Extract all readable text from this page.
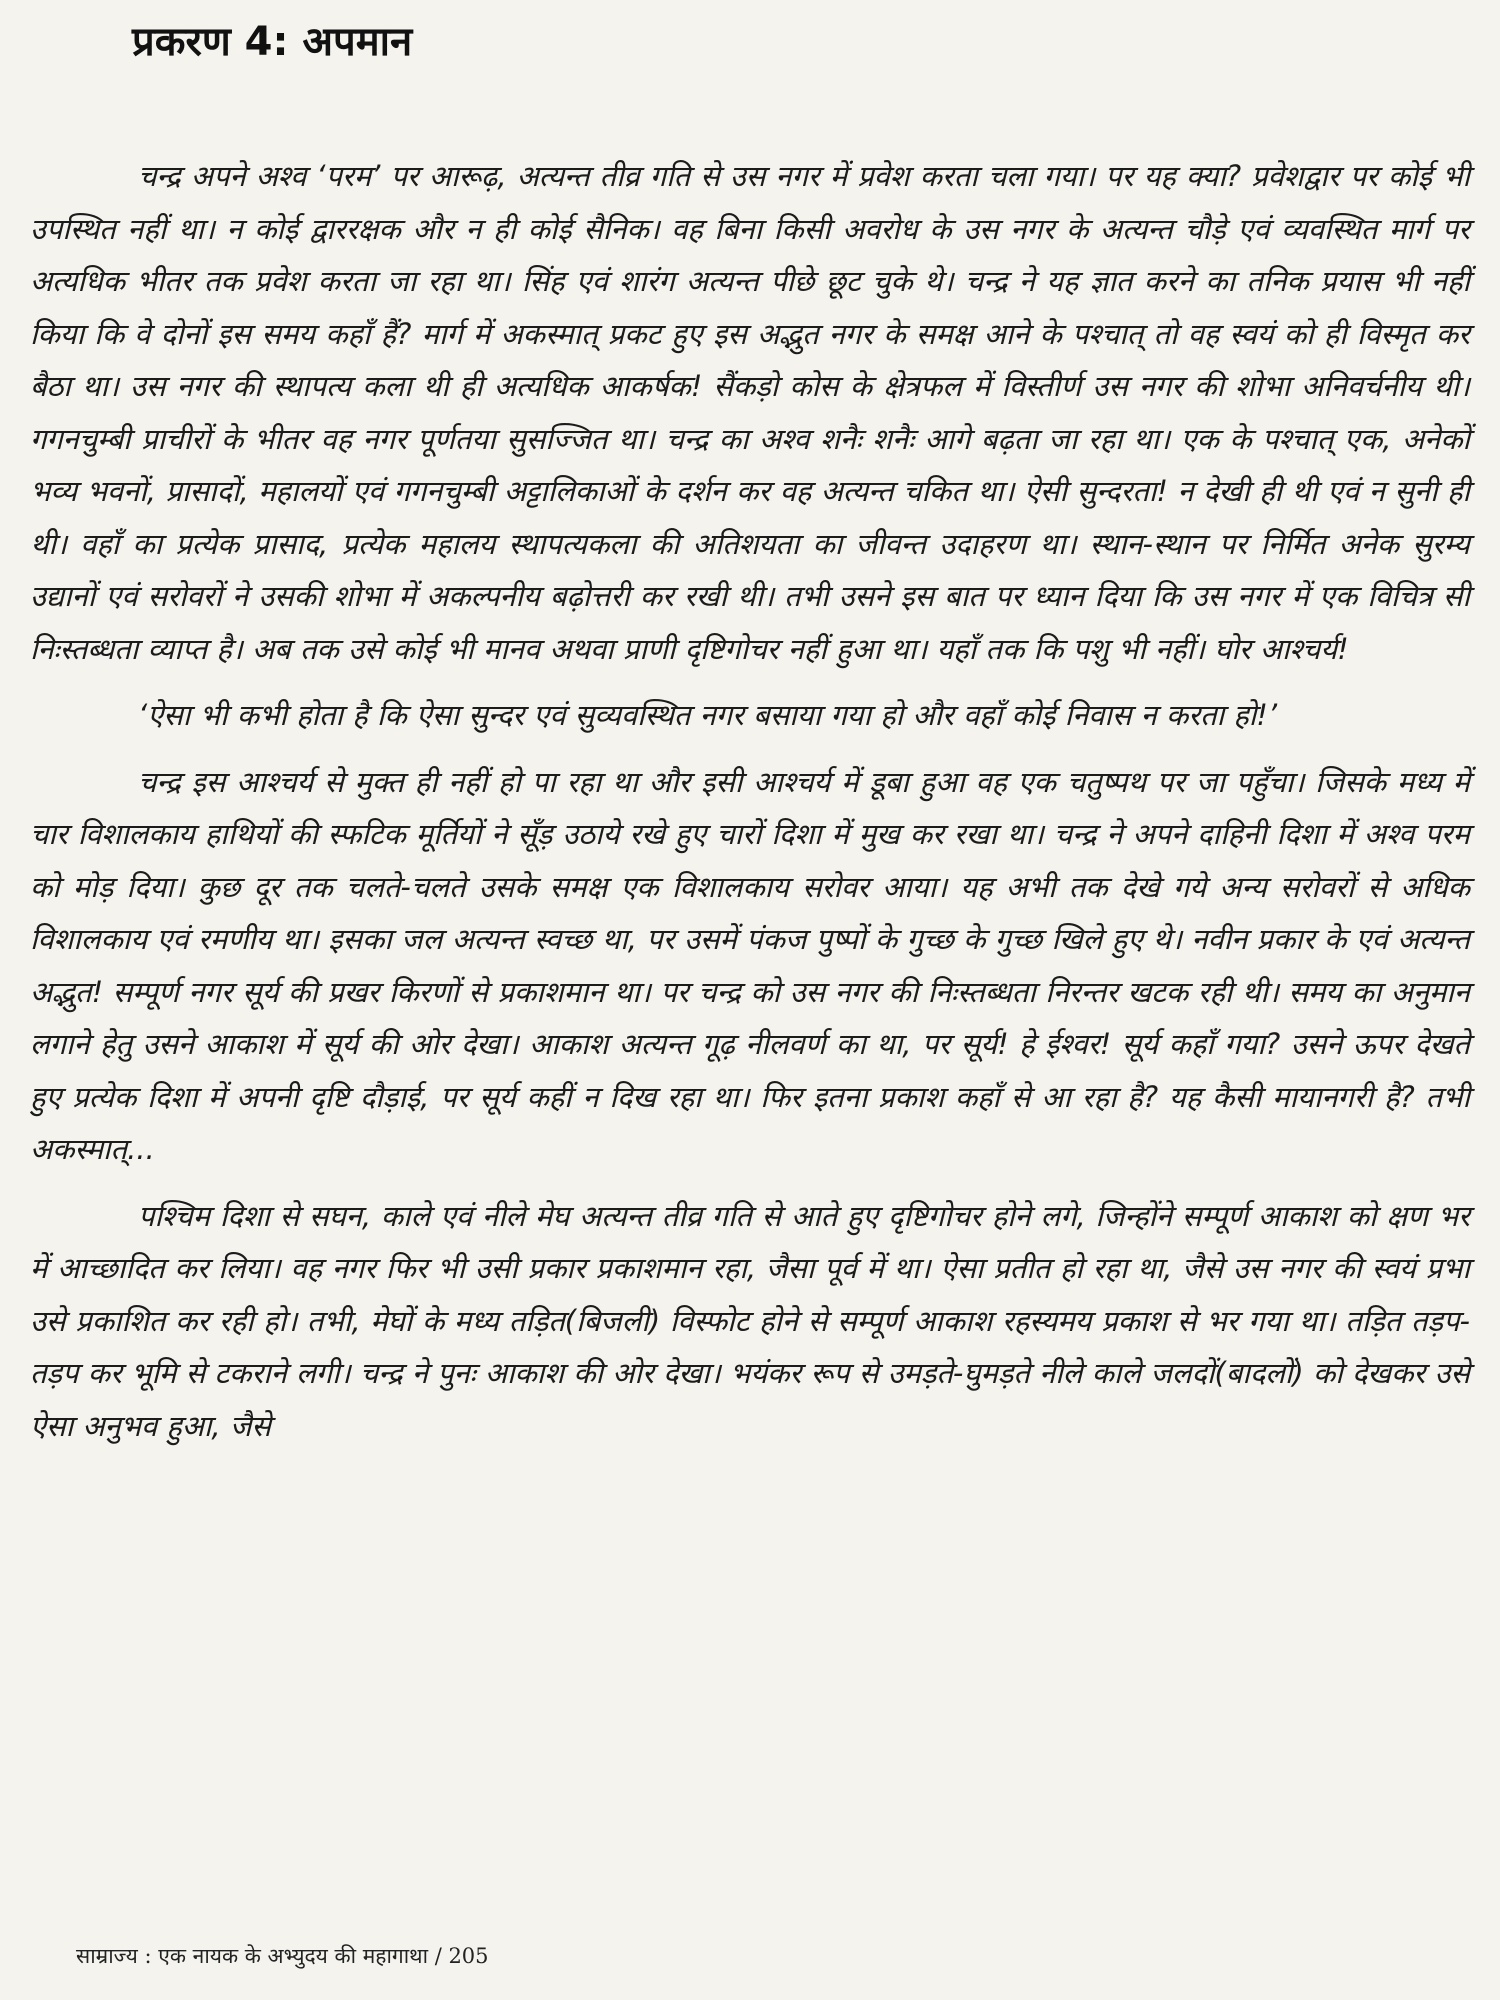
प्रकरण 4: अपमान

चन्द्र अपने अश्व ‘परम’ पर आरूढ़, अत्यन्त तीव्र गति से उस नगर में प्रवेश करता चला गया। पर यह क्या? प्रवेशद्वार पर कोई भी उपस्थित नहीं था। न कोई द्वाररक्षक और न ही कोई सैनिक। वह बिना किसी अवरोध के उस नगर के अत्यन्त चौड़े एवं व्यवस्थित मार्ग पर अत्यधिक भीतर तक प्रवेश करता जा रहा था। सिंह एवं शारंग अत्यन्त पीछे छूट चुके थे। चन्द्र ने यह ज्ञात करने का तनिक प्रयास भी नहीं किया कि वे दोनों इस समय कहाँ हैं? मार्ग में अकस्मात् प्रकट हुए इस अद्भुत नगर के समक्ष आने के पश्चात् तो वह स्वयं को ही विस्मृत कर बैठा था। उस नगर की स्थापत्य कला थी ही अत्यधिक आकर्षक! सैंकड़ो कोस के क्षेत्रफल में विस्तीर्ण उस नगर की शोभा अनिवर्चनीय थी। गगनचुम्बी प्राचीरों के भीतर वह नगर पूर्णतया सुसज्जित था। चन्द्र का अश्व शनैः शनैः आगे बढ़ता जा रहा था। एक के पश्चात् एक, अनेकों भव्य भवनों, प्रासादों, महालयों एवं गगनचुम्बी अट्टालिकाओं के दर्शन कर वह अत्यन्त चकित था। ऐसी सुन्दरता! न देखी ही थी एवं न सुनी ही थी। वहाँ का प्रत्येक प्रासाद, प्रत्येक महालय स्थापत्यकला की अतिशयता का जीवन्त उदाहरण था। स्थान-स्थान पर निर्मित अनेक सुरम्य उद्यानों एवं सरोवरों ने उसकी शोभा में अकल्पनीय बढ़ोत्तरी कर रखी थी। तभी उसने इस बात पर ध्यान दिया कि उस नगर में एक विचित्र सी निःस्तब्धता व्याप्त है। अब तक उसे कोई भी मानव अथवा प्राणी दृष्टिगोचर नहीं हुआ था। यहाँ तक कि पशु भी नहीं। घोर आश्चर्य!

‘ऐसा भी कभी होता है कि ऐसा सुन्दर एवं सुव्यवस्थित नगर बसाया गया हो और वहाँ कोई निवास न करता हो!’

चन्द्र इस आश्चर्य से मुक्त ही नहीं हो पा रहा था और इसी आश्चर्य में डूबा हुआ वह एक चतुष्पथ पर जा पहुँचा। जिसके मध्य में चार विशालकाय हाथियों की स्फटिक मूर्तियों ने सूँड़ उठाये रखे हुए चारों दिशा में मुख कर रखा था। चन्द्र ने अपने दाहिनी दिशा में अश्व परम को मोड़ दिया। कुछ दूर तक चलते-चलते उसके समक्ष एक विशालकाय सरोवर आया। यह अभी तक देखे गये अन्य सरोवरों से अधिक विशालकाय एवं रमणीय था। इसका जल अत्यन्त स्वच्छ था, पर उसमें पंकज पुष्पों के गुच्छ के गुच्छ खिले हुए थे। नवीन प्रकार के एवं अत्यन्त अद्भुत! सम्पूर्ण नगर सूर्य की प्रखर किरणों से प्रकाशमान था। पर चन्द्र को उस नगर की निःस्तब्धता निरन्तर खटक रही थी। समय का अनुमान लगाने हेतु उसने आकाश में सूर्य की ओर देखा। आकाश अत्यन्त गूढ़ नीलवर्ण का था, पर सूर्य! हे ईश्वर! सूर्य कहाँ गया? उसने ऊपर देखते हुए प्रत्येक दिशा में अपनी दृष्टि दौड़ाई, पर सूर्य कहीं न दिख रहा था। फिर इतना प्रकाश कहाँ से आ रहा है? यह कैसी मायानगरी है? तभी अकस्मात्...

पश्चिम दिशा से सघन, काले एवं नीले मेघ अत्यन्त तीव्र गति से आते हुए दृष्टिगोचर होने लगे, जिन्होंने सम्पूर्ण आकाश को क्षण भर में आच्छादित कर लिया। वह नगर फिर भी उसी प्रकार प्रकाशमान रहा, जैसा पूर्व में था। ऐसा प्रतीत हो रहा था, जैसे उस नगर की स्वयं प्रभा उसे प्रकाशित कर रही हो। तभी, मेघों के मध्य तड़ित(बिजली) विस्फोट होने से सम्पूर्ण आकाश रहस्यमय प्रकाश से भर गया था। तड़ित तड़प-तड़प कर भूमि से टकराने लगी। चन्द्र ने पुनः आकाश की ओर देखा। भयंकर रूप से उमड़ते-घुमड़ते नीले काले जलदों(बादलों) को देखकर उसे ऐसा अनुभव हुआ, जैसे

साम्राज्य : एक नायक के अभ्युदय की महागाथा / 205
